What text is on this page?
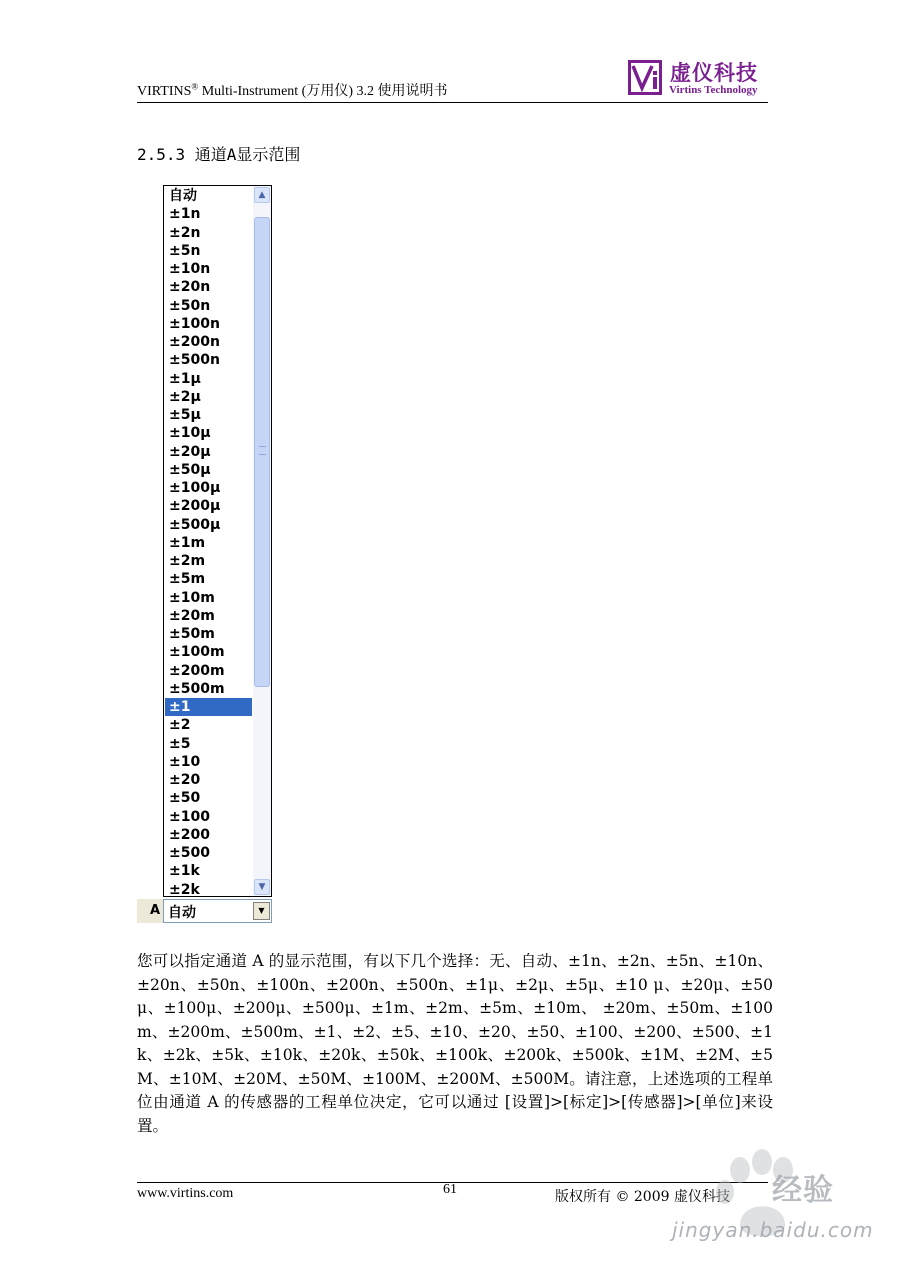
VIRTINS® Multi-Instrument (万用仪) 3.2 使用说明书
虚仪科技
Virtins Technology
2.5.3 通道A显示范围
自动
±1n
±2n
±5n
±10n
±20n
±50n
±100n
±200n
±500n
±1μ
±2μ
±5μ
±10μ
±20μ
±50μ
±100μ
±200μ
±500μ
±1m
±2m
±5m
±10m
±20m
±50m
±100m
±200m
±500m
±1
±2
±5
±10
±20
±50
±100
±200
±500
±1k
±2k
▲
▼
A 自动	▼
您可以指定通道 A 的显示范围，有以下几个选择：无、自动、±1n、±2n、±5n、±10n、±20n、±50n、±100n、±200n、±500n、±1μ、±2μ、±5μ、±10 μ、±20μ、±50μ、±100μ、±200μ、±500μ、±1m、±2m、±5m、±10m、 ±20m、±50m、±100m、±200m、±500m、±1、±2、±5、±10、±20、±50、±100、±200、±500、±1k、±2k、±5k、±10k、±20k、±50k、±100k、±200k、±500k、±1M、±2M、±5M、±10M、±20M、±50M、±100M、±200M、±500M。请注意，上述选项的工程单位由通道 A 的传感器的工程单位决定，它可以通过 [设置]>[标定]>[传感器]>[单位]来设置。
www.virtins.com	61	版权所有 © 2009 虚仪科技 经验
jingyan.baidu.com
